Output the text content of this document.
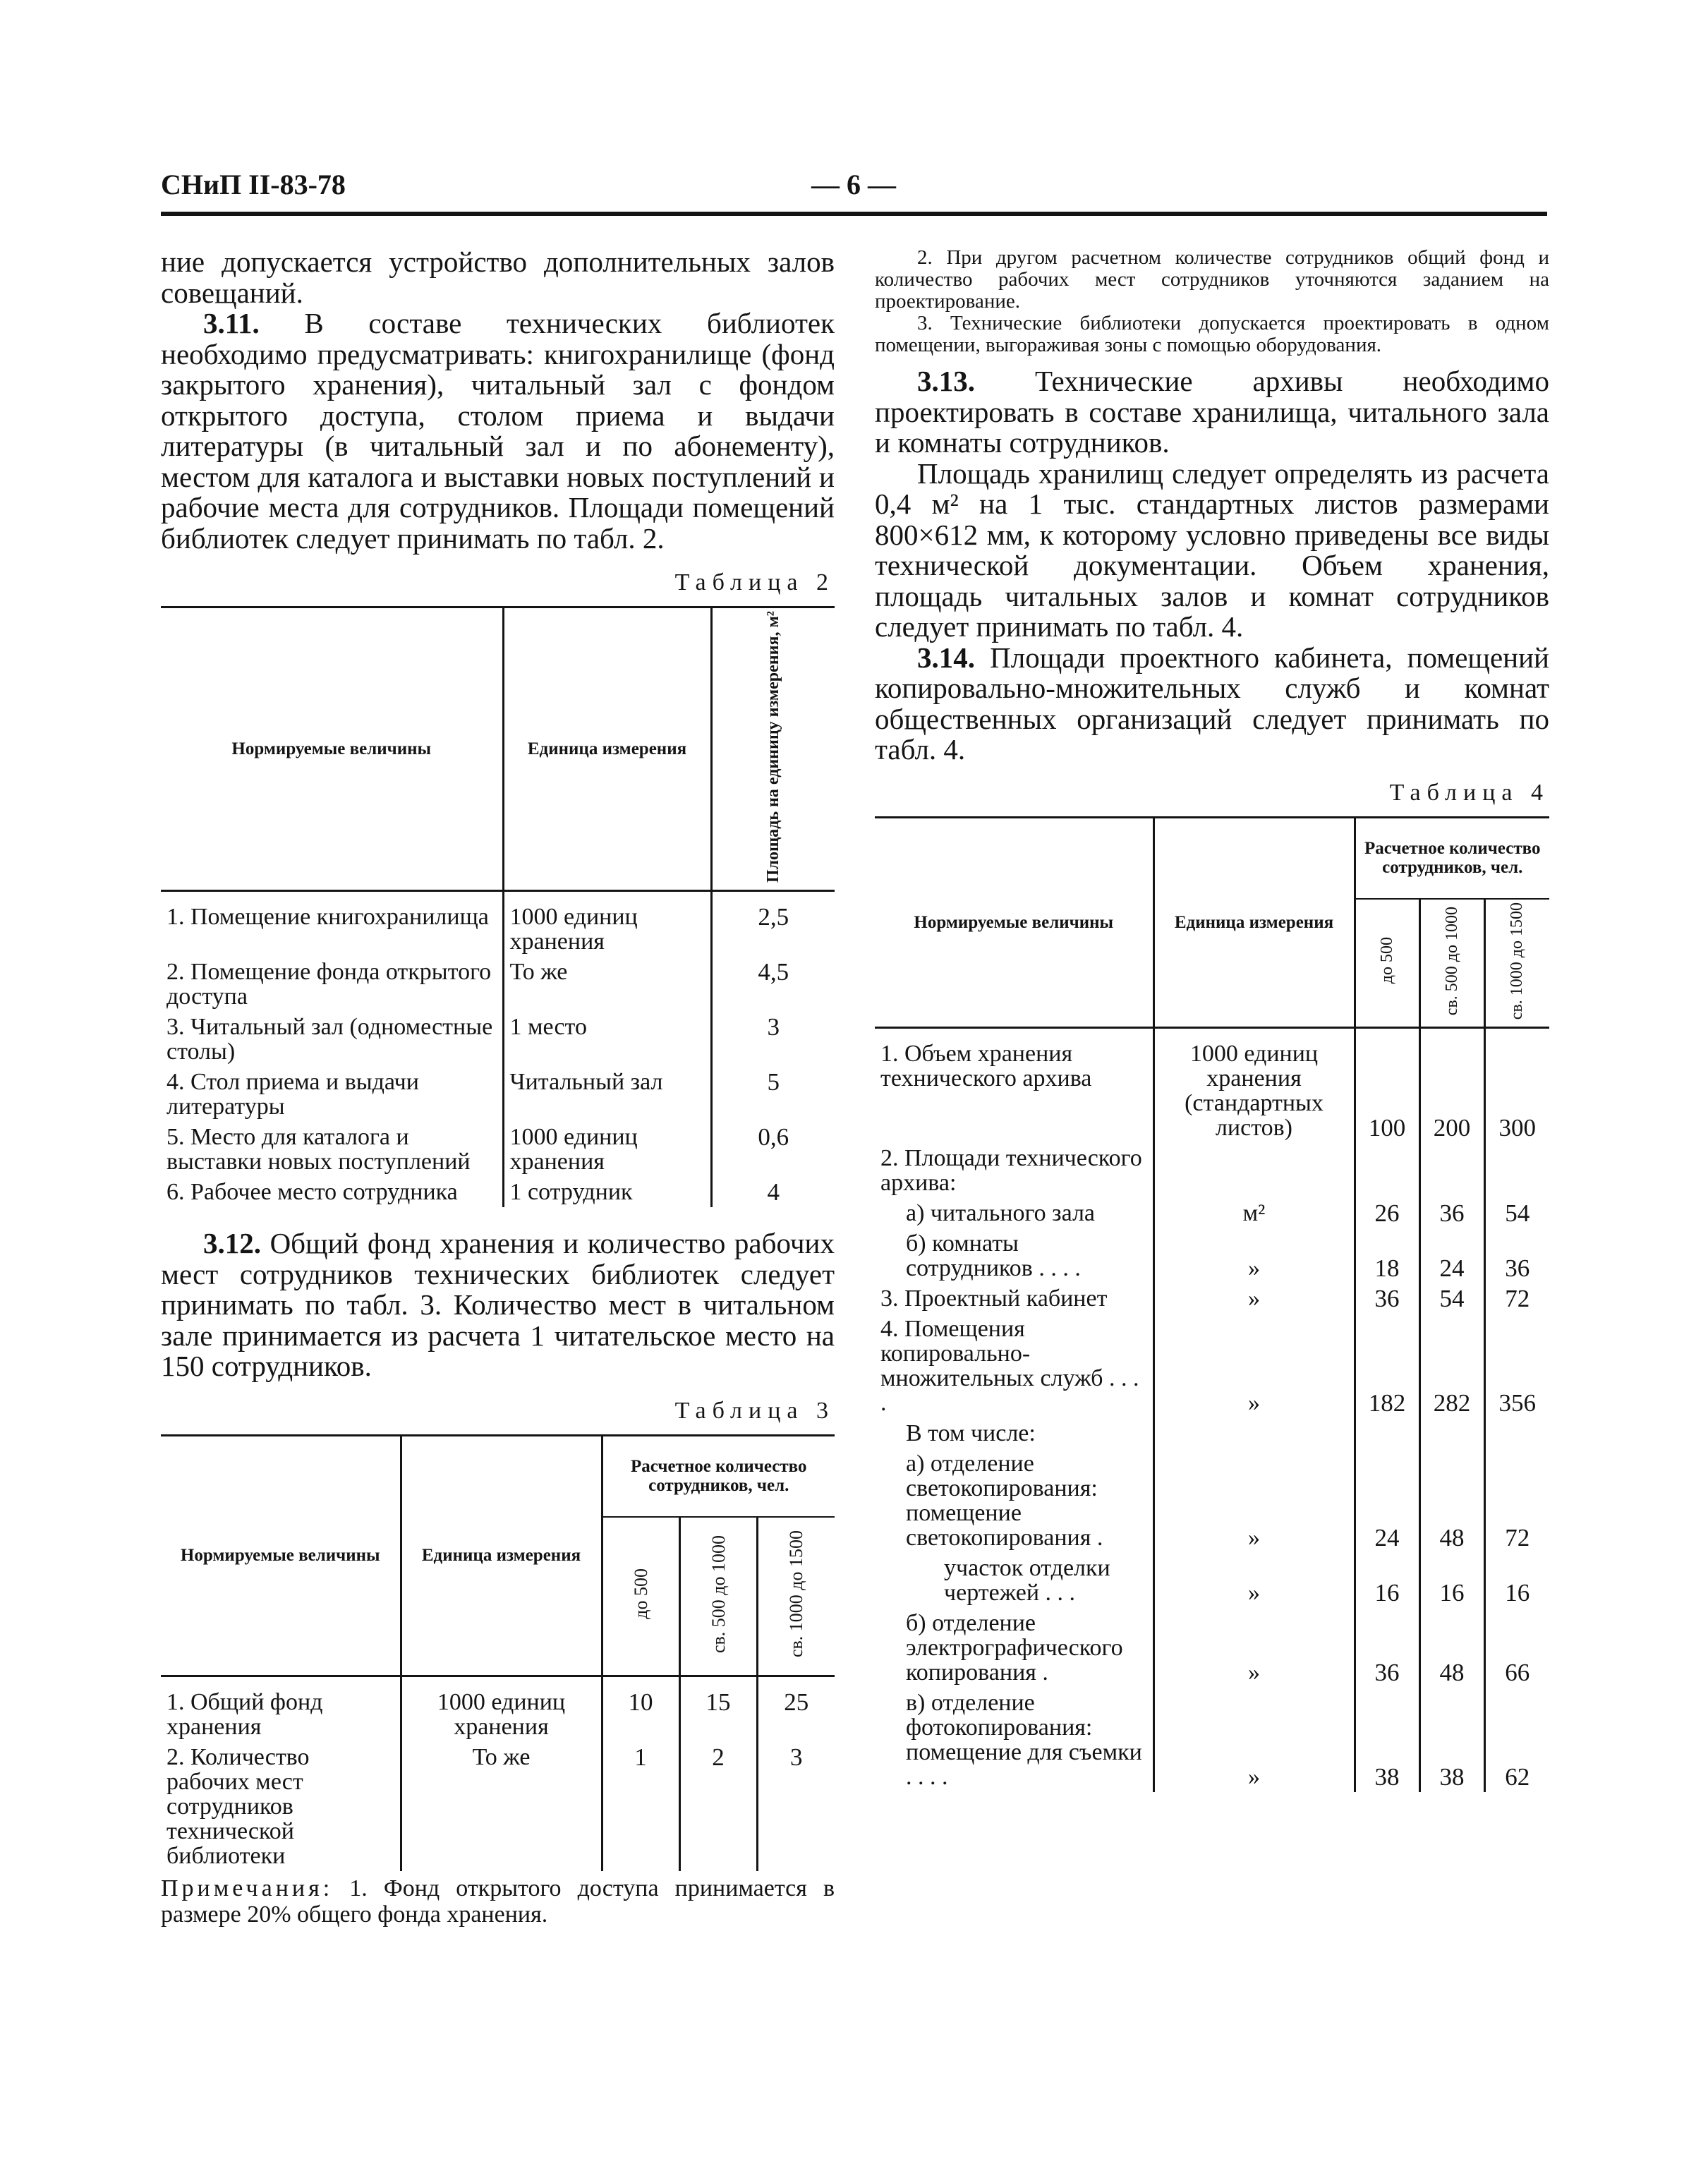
СНиП II-83-78	— 6 —

ние допускается устройство дополнительных залов совещаний.

3.11. В составе технических библиотек необходимо предусматривать: книгохранилище (фонд закрытого хранения), читальный зал с фондом открытого доступа, столом приема и выдачи литературы (в читальный зал и по абонементу), местом для каталога и выставки новых поступлений и рабочие места для сотрудников. Площади помещений библиотек следует принимать по табл. 2.

Таблица 2

Нормируемые величины	Единица измерения	Площадь на единицу измерения, м²
1. Помещение книгохранилища	1000 единиц хранения	2,5
2. Помещение фонда открытого доступа	То же	4,5
3. Читальный зал (одноместные столы)	1 место	3
4. Стол приема и выдачи литературы	Читальный зал	5
5. Место для каталога и выставки новых поступлений	1000 единиц хранения	0,6
6. Рабочее место сотрудника	1 сотрудник	4

3.12. Общий фонд хранения и количество рабочих мест сотрудников технических библиотек следует принимать по табл. 3. Количество мест в читальном зале принимается из расчета 1 читательское место на 150 сотрудников.

Таблица 3

Нормируемые величины	Единица измерения	Расчетное количество сотрудников, чел.		
		до 500	св. 500 до 1000	св. 1000 до 1500
1. Общий фонд хранения	1000 единиц хранения	10	15	25
2. Количество рабочих мест сотрудников технической библиотеки	То же	1	2	3

Примечания: 1. Фонд открытого доступа принимается в размере 20% общего фонда хранения.

2. При другом расчетном количестве сотрудников общий фонд и количество рабочих мест сотрудников уточняются заданием на проектирование.

3. Технические библиотеки допускается проектировать в одном помещении, выгораживая зоны с помощью оборудования.

3.13. Технические архивы необходимо проектировать в составе хранилища, читального зала и комнаты сотрудников.

Площадь хранилищ следует определять из расчета 0,4 м² на 1 тыс. стандартных листов размерами 800×612 мм, к которому условно приведены все виды технической документации. Объем хранения, площадь читальных залов и комнат сотрудников следует принимать по табл. 4.

3.14. Площади проектного кабинета, помещений копировально-множительных служб и комнат общественных организаций следует принимать по табл. 4.

Таблица 4

Нормируемые величины	Единица измерения	Расчетное количество сотрудников, чел.		
		до 500	св. 500 до 1000	св. 1000 до 1500
1. Объем хранения технического архива	1000 единиц хранения (стандартных листов)	100	200	300
2. Площади технического архива:				
а) читального зала	м²	26	36	54
б) комнаты сотрудников . . . .	»	18	24	36
3. Проектный кабинет	»	36	54	72
4. Помещения копировально-множительных служб . . . .	»	182	282	356
В том числе:				
а) отделение светокопирования: помещение светокопирования .	»	24	48	72
участок отделки чертежей . . .	»	16	16	16
б) отделение электрографического копирования .	»	36	48	66
в) отделение фотокопирования: помещение для съемки . . . .	»	38	38	62
